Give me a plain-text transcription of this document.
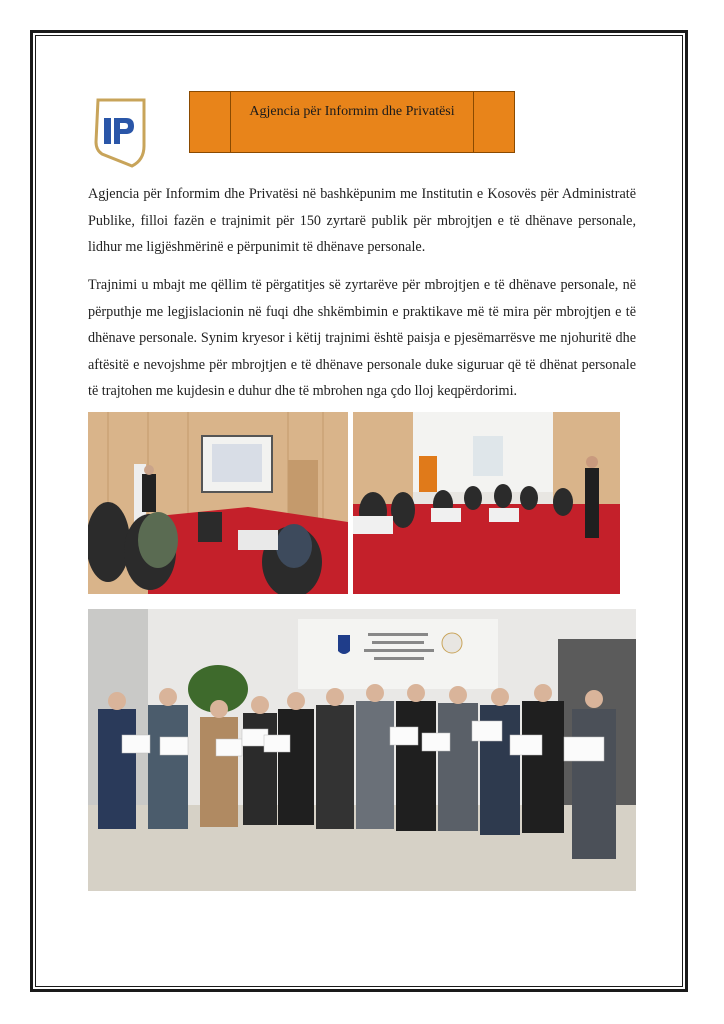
Agjencia për Informim dhe Privatësi

Agjencia për Informim dhe Privatësi në bashkëpunim me Institutin e Kosovës për Administratë Publike, filloi fazën e trajnimit për 150 zyrtarë publik për mbrojtjen e të dhënave personale, lidhur me ligjëshmërinë e përpunimit të dhënave personale.

Trajnimi u mbajt me qëllim të përgatitjes së zyrtarëve për mbrojtjen e të dhënave personale, në përputhje me legjislacionin në fuqi dhe shkëmbimin e praktikave më të mira për mbrojtjen e të dhënave personale. Synim kryesor i këtij trajnimi është paisja e pjesëmarrësve me njohuritë dhe aftësitë e nevojshme për mbrojtjen e të dhënave personale duke siguruar që të dhënat personale të trajtohen me kujdesin e duhur dhe të mbrohen nga çdo lloj keqpërdorimi.
